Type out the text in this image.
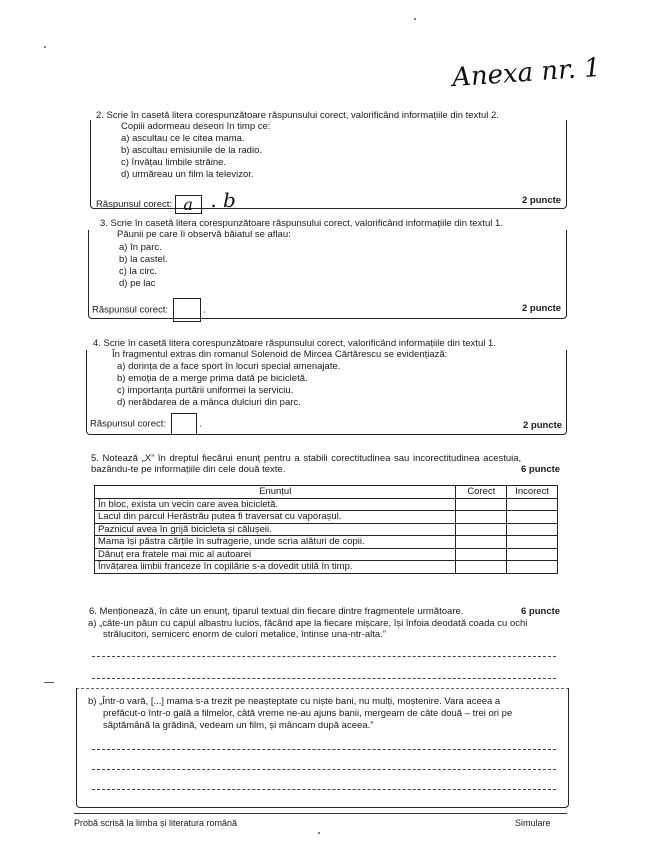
Anexa nr. 1
2. Scrie în casetă litera corespunzătoare răspunsului corect, valorificând informațiile din textul 2.
Copiii adormeau deseori în timp ce:
a) ascultau ce le citea mama.
b) ascultau emisiunile de la radio.
c) învățau limbile străine.
d) urmăreau un film la televizor.
Răspunsul corect: a . b	2 puncte
3. Scrie în casetă litera corespunzătoare răspunsului corect, valorificând informațiile din textul 1.
Păunii pe care îi observă băiatul se aflau:
a) în parc.
b) la castel.
c) la circ.
d) pe lac
Răspunsul corect:	.	2 puncte
4. Scrie în casetă litera corespunzătoare răspunsului corect, valorificând informațiile din textul 1.
În fragmentul extras din romanul Solenoid de Mircea Cărtărescu se evidențiază:
a) dorința de a face sport în locuri special amenajate.
b) emoția de a merge prima dată pe bicicletă.
c) importanța purtării uniformei la serviciu.
d) nerăbdarea de a mânca dulciuri din parc.
Răspunsul corect:	.	2 puncte
5. Notează „X” în dreptul fiecărui enunț pentru a stabili corectitudinea sau incorectitudinea acestuia,
bazându-te pe informațiile din cele două texte.	6 puncte
Enunțul	Corect	Incorect
În bloc, exista un vecin care avea bicicletă.		
Lacul din parcul Herăstrău putea fi traversat cu vaporașul.		
Paznicul avea în grijă bicicleta și călușeii.		
Mama își păstra cărțile în sufragerie, unde scria alături de copii.		
Dănuț era fratele mai mic al autoarei		
Învățarea limbii franceze în copilărie s-a dovedit utilă în timp.		
6. Menționează, în câte un enunț, tiparul textual din fiecare dintre fragmentele următoare.	6 puncte
a) „câte-un păun cu capul albastru lucios, făcând ape la fiecare mișcare, își înfoia deodată coada cu ochi
strălucitori, semicerc enorm de culori metalice, întinse una-ntr-alta.”
b) „Într-o vară, [...] mama s-a trezit pe neașteptate cu niște bani, nu mulți, moștenire. Vara aceea a
prefăcut-o într-o gală a filmelor, câtă vreme ne-au ajuns banii, mergeam de câte două – trei ori pe
săptămână la grădină, vedeam un film, și mâncam după aceea.”
Probă scrisă la limba și literatura română	Simulare
